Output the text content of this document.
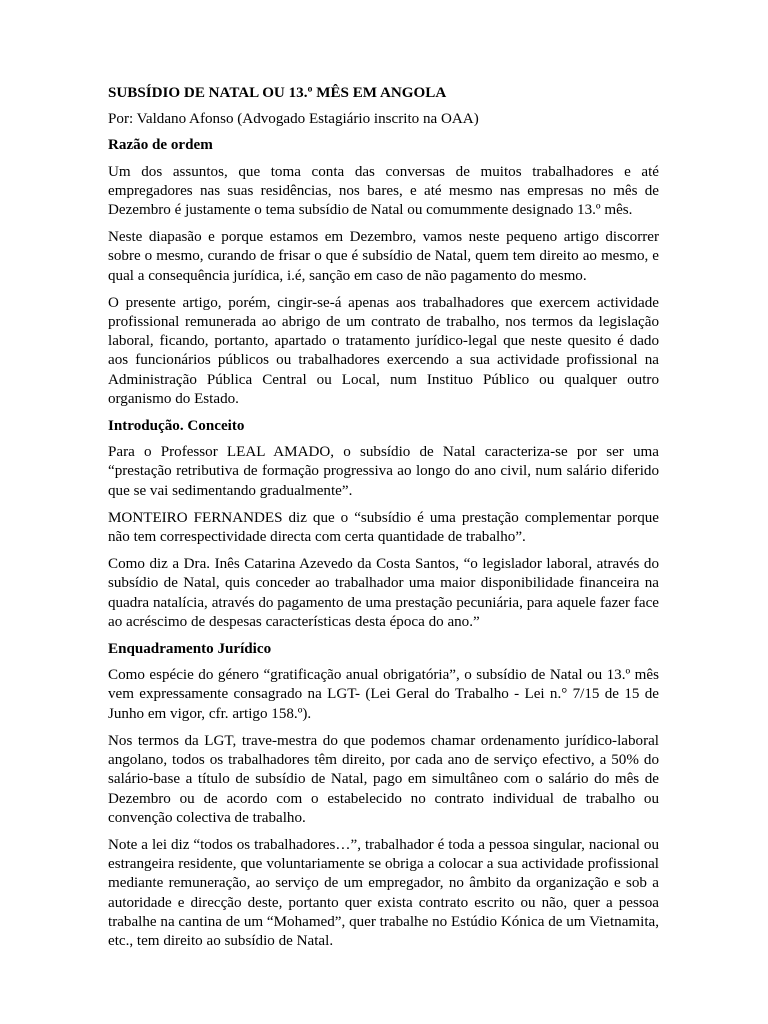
SUBSÍDIO DE NATAL OU 13.º MÊS EM ANGOLA
Por: Valdano Afonso (Advogado Estagiário inscrito na OAA)
Razão de ordem

Um dos assuntos, que toma conta das conversas de muitos trabalhadores e até empregadores nas suas residências, nos bares, e até mesmo nas empresas no mês de Dezembro é justamente o tema subsídio de Natal ou comummente designado 13.º mês.

Neste diapasão e porque estamos em Dezembro, vamos neste pequeno artigo discorrer sobre o mesmo, curando de frisar o que é subsídio de Natal, quem tem direito ao mesmo, e qual a consequência jurídica, i.é, sanção em caso de não pagamento do mesmo.

O presente artigo, porém, cingir-se-á apenas aos trabalhadores que exercem actividade profissional remunerada ao abrigo de um contrato de trabalho, nos termos da legislação laboral, ficando, portanto, apartado o tratamento jurídico-legal que neste quesito é dado aos funcionários públicos ou trabalhadores exercendo a sua actividade profissional na Administração Pública Central ou Local, num Instituo Público ou qualquer outro organismo do Estado.

Introdução. Conceito

Para o Professor LEAL AMADO, o subsídio de Natal caracteriza-se por ser uma “prestação retributiva de formação progressiva ao longo do ano civil, num salário diferido que se vai sedimentando gradualmente”.

MONTEIRO FERNANDES diz que o “subsídio é uma prestação complementar porque não tem correspectividade directa com certa quantidade de trabalho”.

Como diz a Dra. Inês Catarina Azevedo da Costa Santos, “o legislador laboral, através do subsídio de Natal, quis conceder ao trabalhador uma maior disponibilidade financeira na quadra natalícia, através do pagamento de uma prestação pecuniária, para aquele fazer face ao acréscimo de despesas características desta época do ano.”

Enquadramento Jurídico

Como espécie do género “gratificação anual obrigatória”, o subsídio de Natal ou 13.º mês vem expressamente consagrado na LGT- (Lei Geral do Trabalho - Lei n.° 7/15 de 15 de Junho em vigor, cfr. artigo 158.º).

Nos termos da LGT, trave-mestra do que podemos chamar ordenamento jurídico-laboral angolano, todos os trabalhadores têm direito, por cada ano de serviço efectivo, a 50% do salário-base a título de subsídio de Natal, pago em simultâneo com o salário do mês de Dezembro ou de acordo com o estabelecido no contrato individual de trabalho ou convenção colectiva de trabalho.

Note a lei diz “todos os trabalhadores…”, trabalhador é toda a pessoa singular, nacional ou estrangeira residente, que voluntariamente se obriga a colocar a sua actividade profissional mediante remuneração, ao serviço de um empregador, no âmbito da organização e sob a autoridade e direcção deste, portanto quer exista contrato escrito ou não, quer a pessoa trabalhe na cantina de um “Mohamed”, quer trabalhe no Estúdio Kónica de um Vietnamita, etc., tem direito ao subsídio de Natal.
